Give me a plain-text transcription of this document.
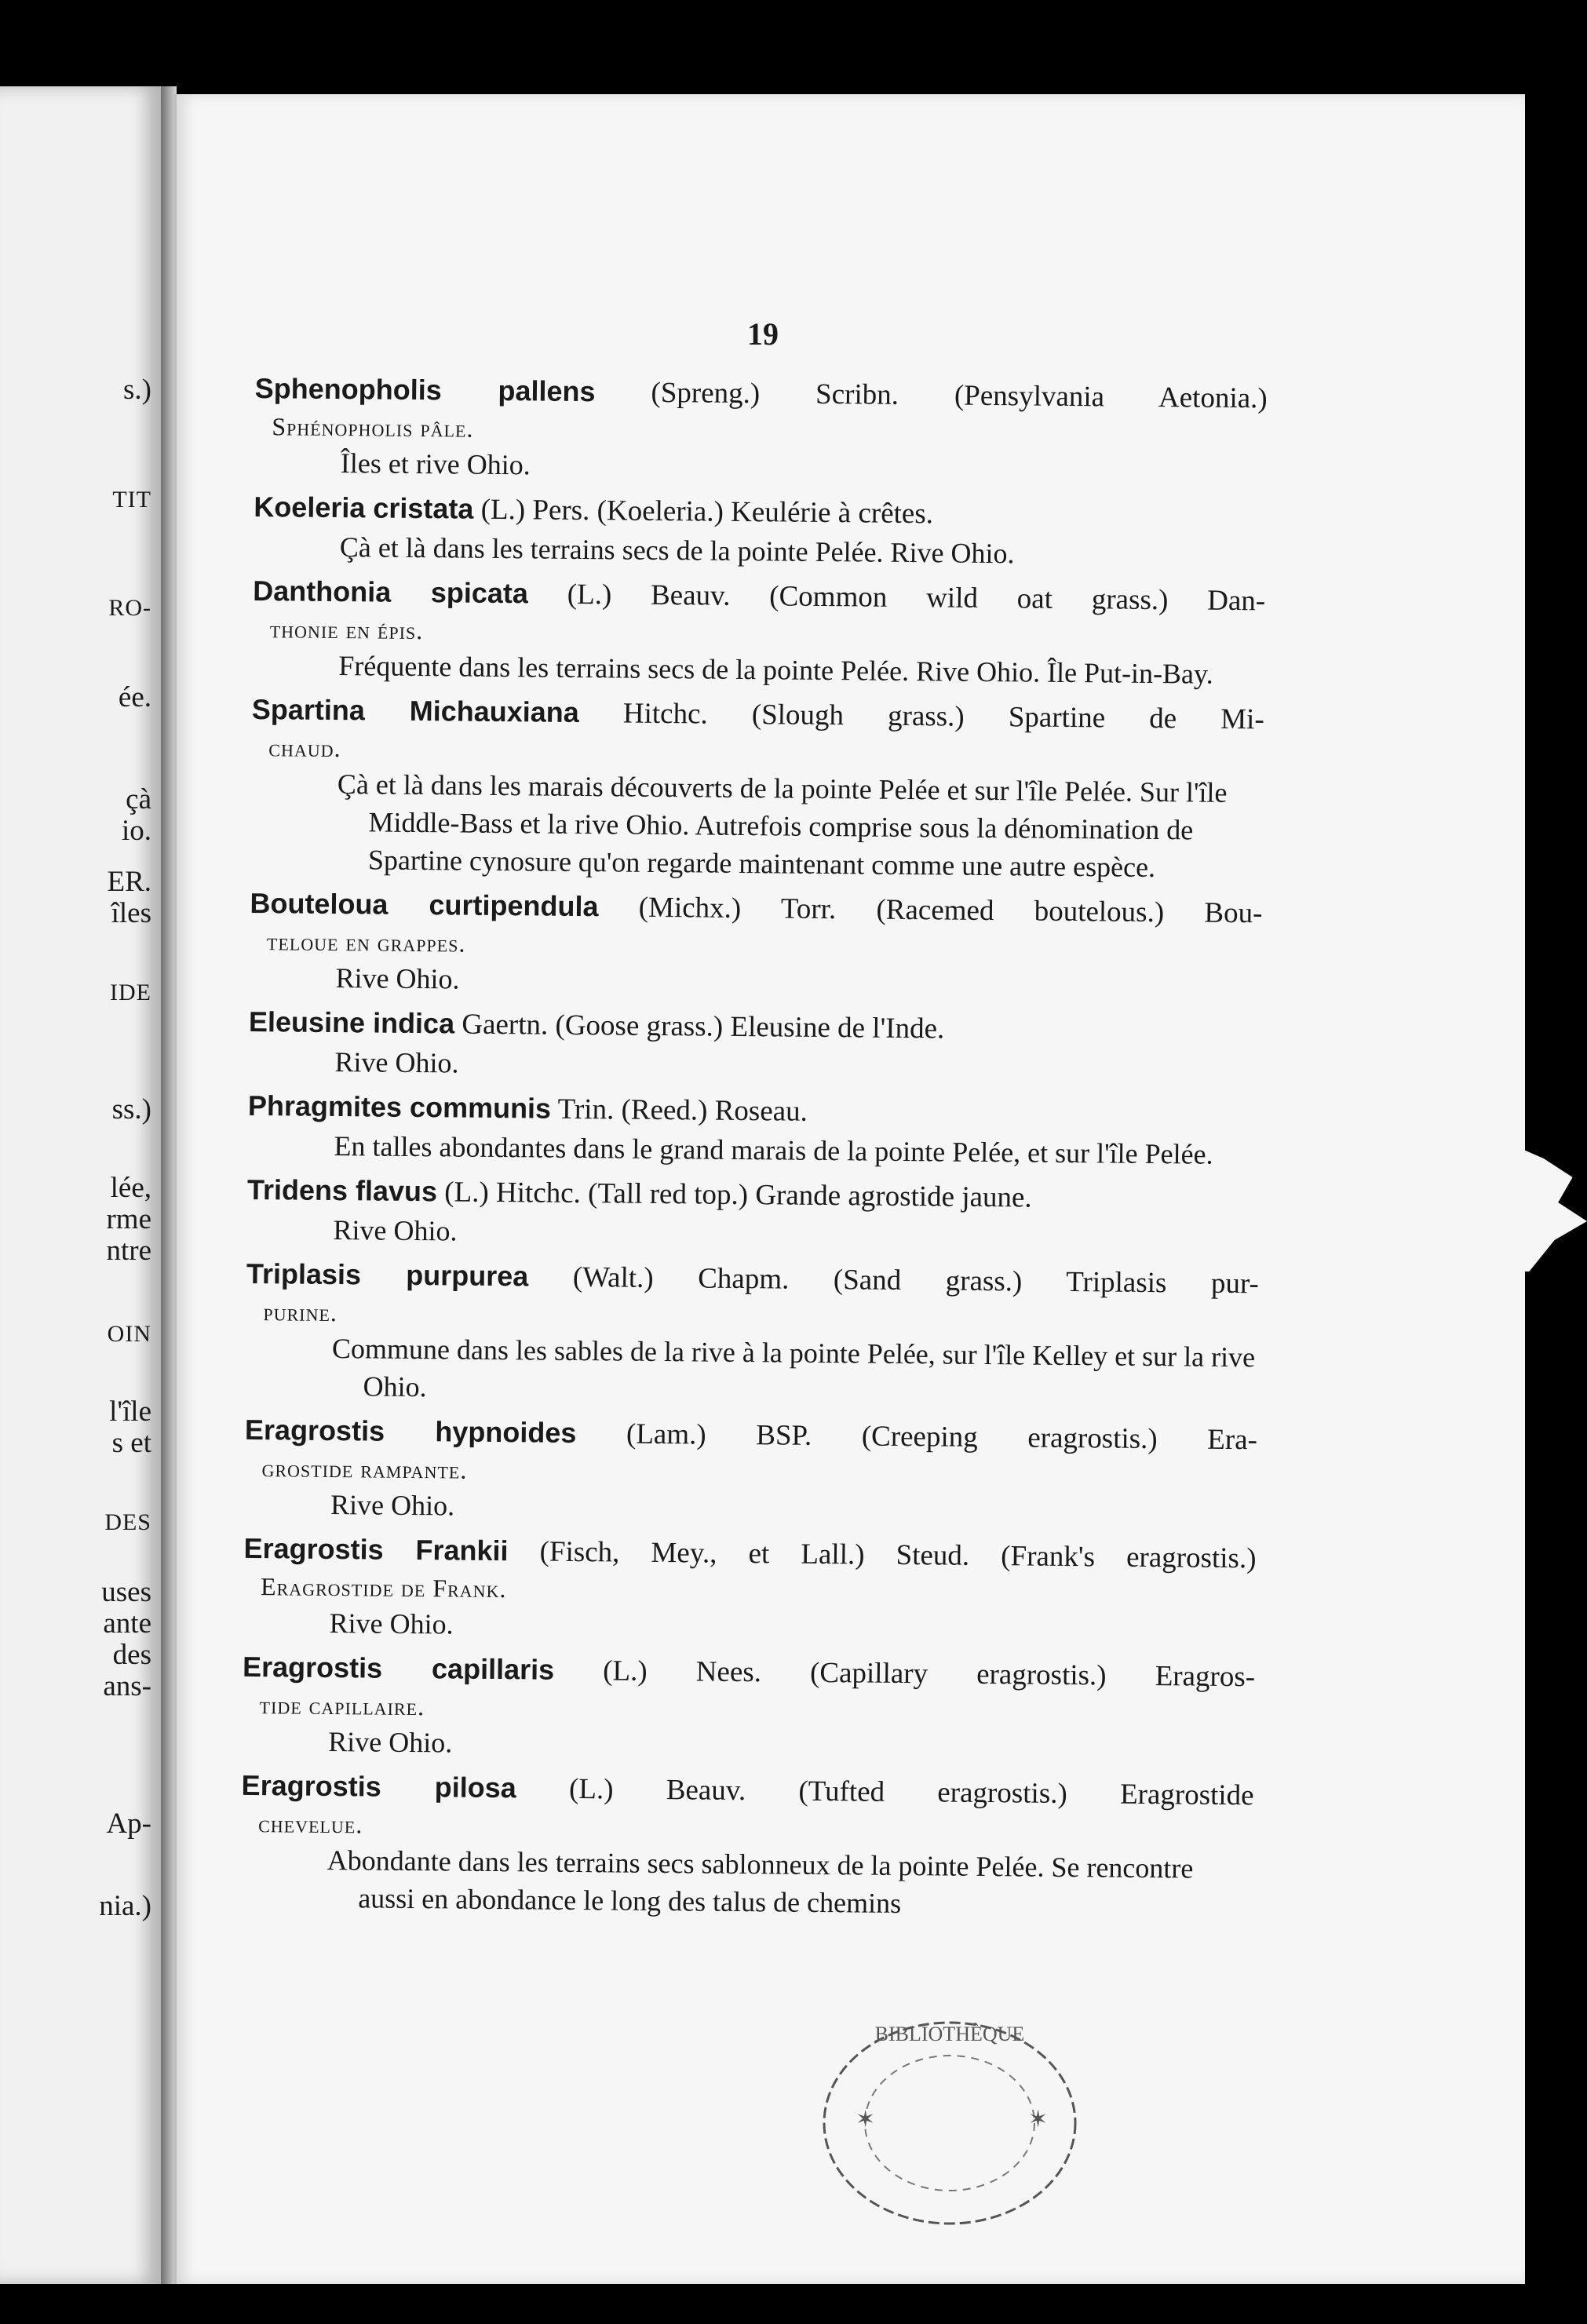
s.)
TIT
RO-
ée.
çà
io.
ER.
îles
IDE
ss.)
lée,
rme
ntre
OIN
l'île
s et
DES
uses
ante
des
ans-
Ap-
nia.)
19

Sphenopholis pallens (Spreng.) Scribn. (Pensylvania Aetonia.)

Sphénopholis pâle.

Îles et rive Ohio.

Koeleria cristata (L.) Pers. (Koeleria.) Keulérie à crêtes.

Çà et là dans les terrains secs de la pointe Pelée. Rive Ohio.

Danthonia spicata (L.) Beauv. (Common wild oat grass.) Dan-

thonie en épis.

Fréquente dans les terrains secs de la pointe Pelée. Rive Ohio. Île Put-in-Bay.

Spartina Michauxiana Hitchc. (Slough grass.) Spartine de Mi-

chaud.

Çà et là dans les marais découverts de la pointe Pelée et sur l'île Pelée. Sur l'île Middle-Bass et la rive Ohio. Autrefois comprise sous la dénomination de Spartine cynosure qu'on regarde maintenant comme une autre espèce.

Bouteloua curtipendula (Michx.) Torr. (Racemed boutelous.) Bou-

teloue en grappes.

Rive Ohio.

Eleusine indica Gaertn. (Goose grass.) Eleusine de l'Inde.

Rive Ohio.

Phragmites communis Trin. (Reed.) Roseau.

En talles abondantes dans le grand marais de la pointe Pelée, et sur l'île Pelée.

Tridens flavus (L.) Hitchc. (Tall red top.) Grande agrostide jaune.

Rive Ohio.

Triplasis purpurea (Walt.) Chapm. (Sand grass.) Triplasis pur-

purine.

Commune dans les sables de la rive à la pointe Pelée, sur l'île Kelley et sur la rive Ohio.

Eragrostis hypnoides (Lam.) BSP. (Creeping eragrostis.) Era-

grostide rampante.

Rive Ohio.

Eragrostis Frankii (Fisch, Mey., et Lall.) Steud. (Frank's eragrostis.)

Eragrostide de Frank.

Rive Ohio.

Eragrostis capillaris (L.) Nees. (Capillary eragrostis.) Eragros-

tide capillaire.

Rive Ohio.

Eragrostis pilosa (L.) Beauv. (Tufted eragrostis.) Eragrostide

chevelue.

Abondante dans les terrains secs sablonneux de la pointe Pelée. Se rencontre aussi en abondance le long des talus de chemins

BIBLIOTHÈQUE
✶	✶
